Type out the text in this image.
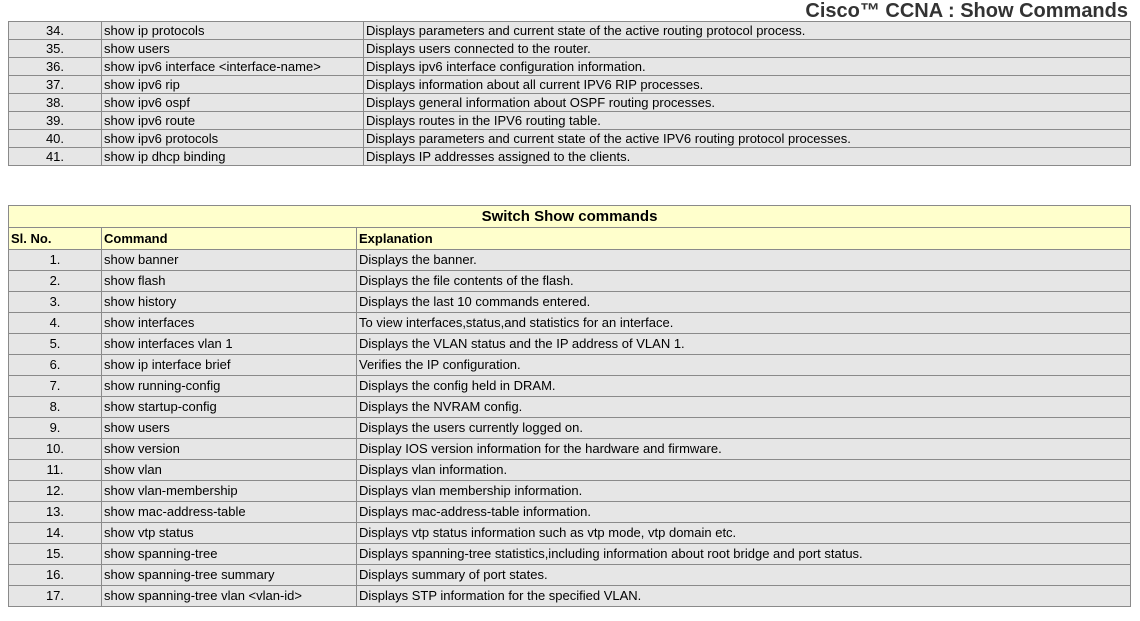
Cisco™ CCNA : Show Commands
34.	show ip protocols	Displays parameters and current state of the active routing protocol process.
35.	show users	Displays users connected to the router.
36.	show ipv6 interface <interface-name>	Displays ipv6 interface configuration information.
37.	show ipv6 rip	Displays information about all current IPV6 RIP processes.
38.	show ipv6 ospf	Displays general information about OSPF routing processes.
39.	show ipv6 route	Displays routes in the IPV6 routing table.
40.	show ipv6 protocols	Displays parameters and current state of the active IPV6 routing protocol processes.
41.	show ip dhcp binding	Displays IP addresses assigned to the clients.
Switch Show commands		
Sl. No.	Command	Explanation
1.	show banner	Displays the banner.
2.	show flash	Displays the file contents of the flash.
3.	show history	Displays the last 10 commands entered.
4.	show interfaces	To view interfaces,status,and statistics for an interface.
5.	show interfaces vlan 1	Displays the VLAN status and the IP address of VLAN 1.
6.	show ip interface brief	Verifies the IP configuration.
7.	show running-config	Displays the config held in DRAM.
8.	show startup-config	Displays the NVRAM config.
9.	show users	Displays the users currently logged on.
10.	show version	Display IOS version information for the hardware and firmware.
11.	show vlan	Displays vlan information.
12.	show vlan-membership	Displays vlan membership information.
13.	show mac-address-table	Displays mac-address-table information.
14.	show vtp status	Displays vtp status information such as vtp mode, vtp domain etc.
15.	show spanning-tree	Displays spanning-tree statistics,including information about root bridge and port status.
16.	show spanning-tree summary	Displays summary of port states.
17.	show spanning-tree vlan <vlan-id>	Displays STP information for the specified VLAN.
